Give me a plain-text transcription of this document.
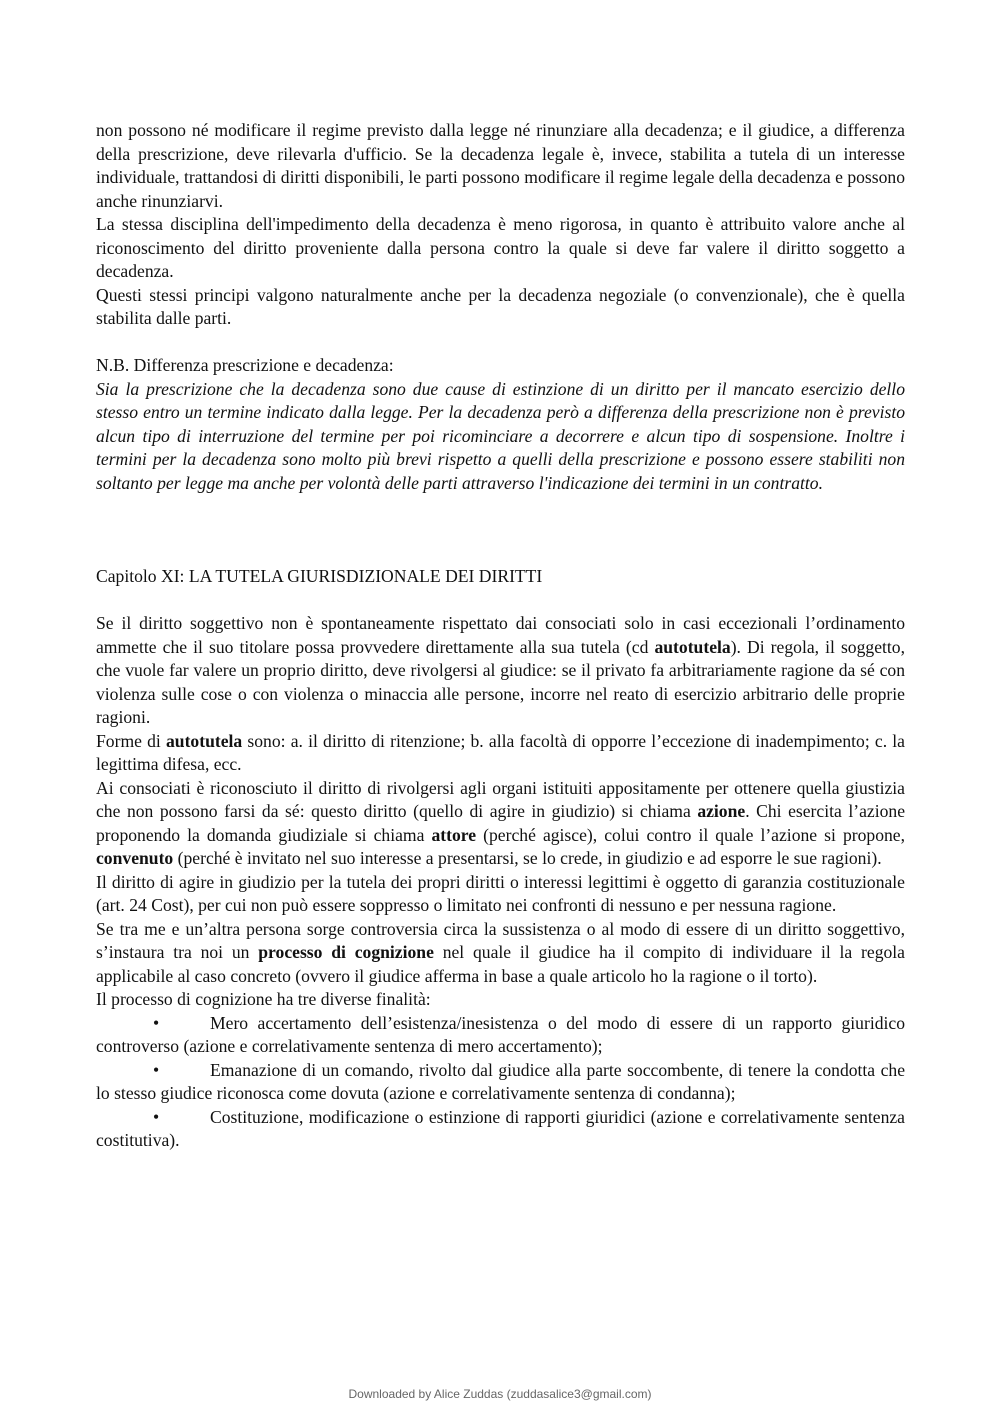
non possono né modificare il regime previsto dalla legge né rinunziare alla decadenza; e il giudice, a differenza della prescrizione, deve rilevarla d'ufficio. Se la decadenza legale è, invece, stabilita a tutela di un interesse individuale, trattandosi di diritti disponibili, le parti possono modificare il regime legale della decadenza e possono anche rinunziarvi.

La stessa disciplina dell'impedimento della decadenza è meno rigorosa, in quanto è attribuito valore anche al riconoscimento del diritto proveniente dalla persona contro la quale si deve far valere il diritto soggetto a decadenza.

Questi stessi principi valgono naturalmente anche per la decadenza negoziale (o convenzionale), che è quella stabilita dalle parti.

N.B. Differenza prescrizione e decadenza:

Sia la prescrizione che la decadenza sono due cause di estinzione di un diritto per il mancato esercizio dello stesso entro un termine indicato dalla legge. Per la decadenza però a differenza della prescrizione non è previsto alcun tipo di interruzione del termine per poi ricominciare a decorrere e alcun tipo di sospensione. Inoltre i termini per la decadenza sono molto più brevi rispetto a quelli della prescrizione e possono essere stabiliti non soltanto per legge ma anche per volontà delle parti attraverso l'indicazione dei termini in un contratto.

Capitolo XI: LA TUTELA GIURISDIZIONALE DEI DIRITTI

Se il diritto soggettivo non è spontaneamente rispettato dai consociati solo in casi eccezionali l’ordinamento ammette che il suo titolare possa provvedere direttamente alla sua tutela (cd autotutela). Di regola, il soggetto, che vuole far valere un proprio diritto, deve rivolgersi al giudice: se il privato fa arbitrariamente ragione da sé con violenza sulle cose o con violenza o minaccia alle persone, incorre nel reato di esercizio arbitrario delle proprie ragioni.

Forme di autotutela sono: a. il diritto di ritenzione; b. alla facoltà di opporre l’eccezione di inadempimento; c. la legittima difesa, ecc.

Ai consociati è riconosciuto il diritto di rivolgersi agli organi istituiti appositamente per ottenere quella giustizia che non possono farsi da sé: questo diritto (quello di agire in giudizio) si chiama azione. Chi esercita l’azione proponendo la domanda giudiziale si chiama attore (perché agisce), colui contro il quale l’azione si propone, convenuto (perché è invitato nel suo interesse a presentarsi, se lo crede, in giudizio e ad esporre le sue ragioni).

Il diritto di agire in giudizio per la tutela dei propri diritti o interessi legittimi è oggetto di garanzia costituzionale (art. 24 Cost), per cui non può essere soppresso o limitato nei confronti di nessuno e per nessuna ragione.

Se tra me e un’altra persona sorge controversia circa la sussistenza o al modo di essere di un diritto soggettivo, s’instaura tra noi un processo di cognizione nel quale il giudice ha il compito di individuare il la regola applicabile al caso concreto (ovvero il giudice afferma in base a quale articolo ho la ragione o il torto).

Il processo di cognizione ha tre diverse finalità:

•	Mero accertamento dell’esistenza/inesistenza o del modo di essere di un rapporto giuridico controverso (azione e correlativamente sentenza di mero accertamento);

•	Emanazione di un comando, rivolto dal giudice alla parte soccombente, di tenere la condotta che lo stesso giudice riconosca come dovuta (azione e correlativamente sentenza di condanna);

•	Costituzione, modificazione o estinzione di rapporti giuridici (azione e correlativamente sentenza costitutiva).

Downloaded by Alice Zuddas (zuddasalice3@gmail.com)
